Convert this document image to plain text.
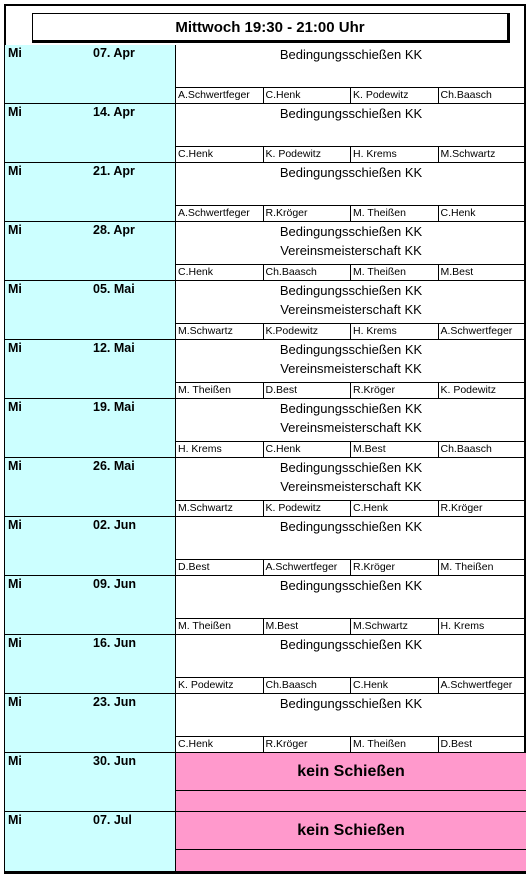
Mittwoch 19:30 - 21:00 Uhr
Mi	07. Apr	Bedingungsschießen KK
A.Schwertfeger	C.Henk	K. Podewitz	Ch.Baasch
Mi	14. Apr	Bedingungsschießen KK
C.Henk	K. Podewitz	H. Krems	M.Schwartz
Mi	21. Apr	Bedingungsschießen KK
A.Schwertfeger	R.Kröger	M. Theißen	C.Henk
Mi	28. Apr	Bedingungsschießen KK
Vereinsmeisterschaft KK
C.Henk	Ch.Baasch	M. Theißen	M.Best
Mi	05. Mai	Bedingungsschießen KK
Vereinsmeisterschaft KK
M.Schwartz	K.Podewitz	H. Krems	A.Schwertfeger
Mi	12. Mai	Bedingungsschießen KK
Vereinsmeisterschaft KK
M. Theißen	D.Best	R.Kröger	K. Podewitz
Mi	19. Mai	Bedingungsschießen KK
Vereinsmeisterschaft KK
H. Krems	C.Henk	M.Best	Ch.Baasch
Mi	26. Mai	Bedingungsschießen KK
Vereinsmeisterschaft KK
M.Schwartz	K. Podewitz	C.Henk	R.Kröger
Mi	02. Jun	Bedingungsschießen KK
D.Best	A.Schwertfeger	R.Kröger	M. Theißen
Mi	09. Jun	Bedingungsschießen KK
M. Theißen	M.Best	M.Schwartz	H. Krems
Mi	16. Jun	Bedingungsschießen KK
K. Podewitz	Ch.Baasch	C.Henk	A.Schwertfeger
Mi	23. Jun	Bedingungsschießen KK
C.Henk	R.Kröger	M. Theißen	D.Best
Mi	30. Jun
kein Schießen
Mi	07. Jul
kein Schießen
